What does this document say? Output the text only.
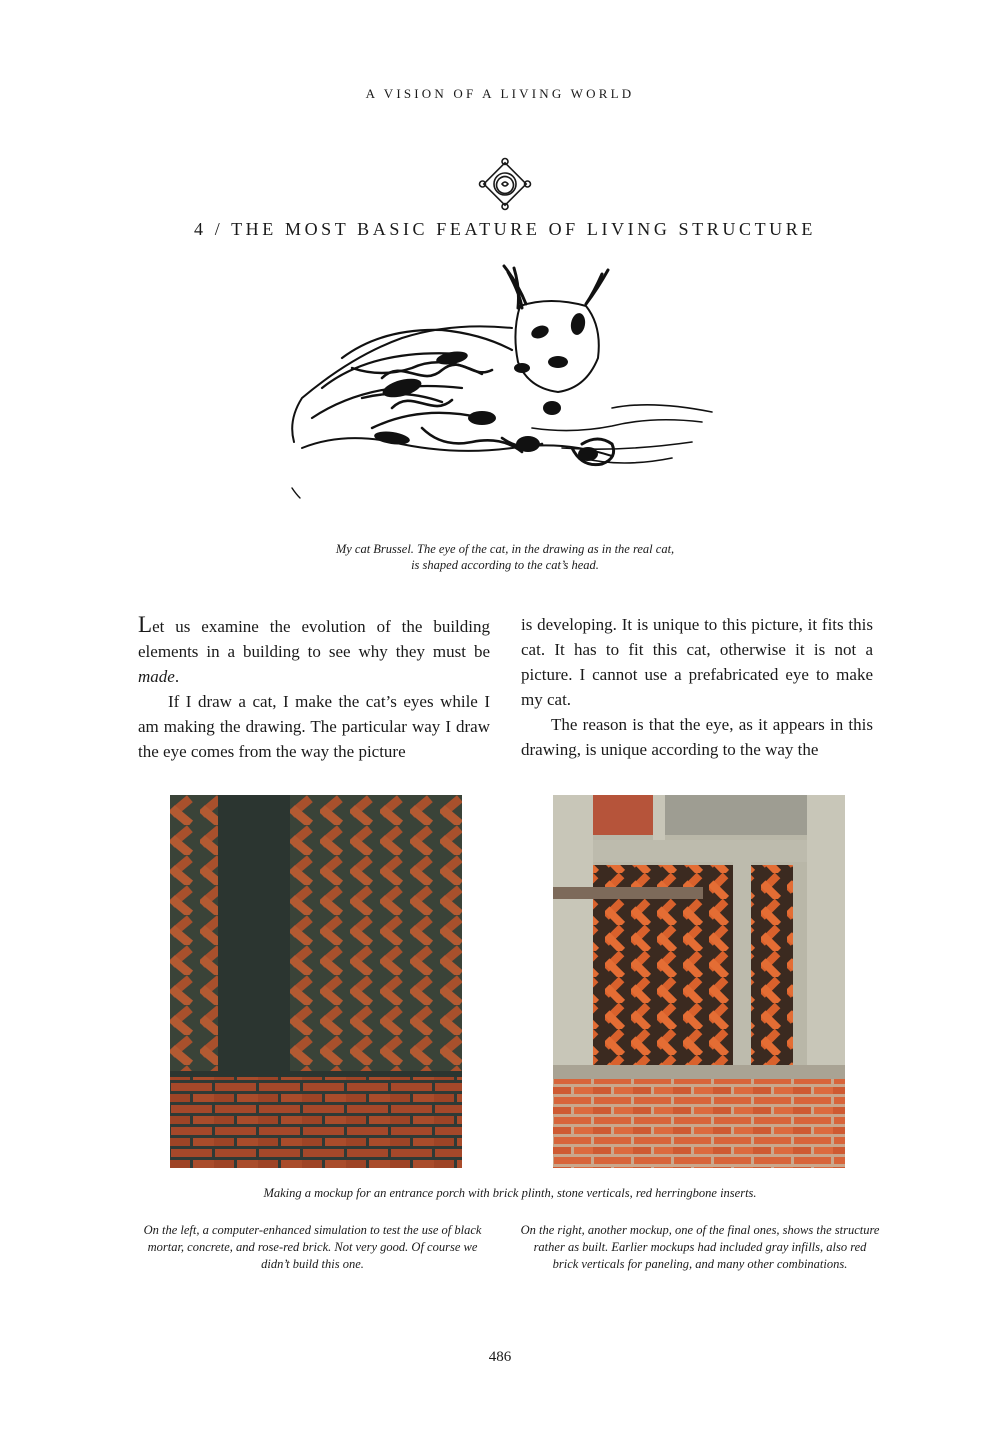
A VISION OF A LIVING WORLD
4 / THE MOST BASIC FEATURE OF LIVING STRUCTURE
My cat Brussel. The eye of the cat, in the drawing as in the real cat,
is shaped according to the cat’s head.

Let us examine the evolution of the building elements in a building to see why they must be made.

If I draw a cat, I make the cat’s eyes while I am making the drawing. The particular way I draw the eye comes from the way the picture

is developing. It is unique to this picture, it fits this cat. It has to fit this cat, otherwise it is not a picture. I cannot use a prefabricated eye to make my cat.

The reason is that the eye, as it appears in this drawing, is unique according to the way the

Making a mockup for an entrance porch with brick plinth, stone verticals, red herringbone inserts.
On the left, a computer-enhanced simulation to test the use of black mortar, concrete, and rose-red brick. Not very good. Of course we didn’t build this one.
On the right, another mockup, one of the final ones, shows the structure rather as built. Earlier mockups had included gray infills, also red brick verticals for paneling, and many other combinations.
486
